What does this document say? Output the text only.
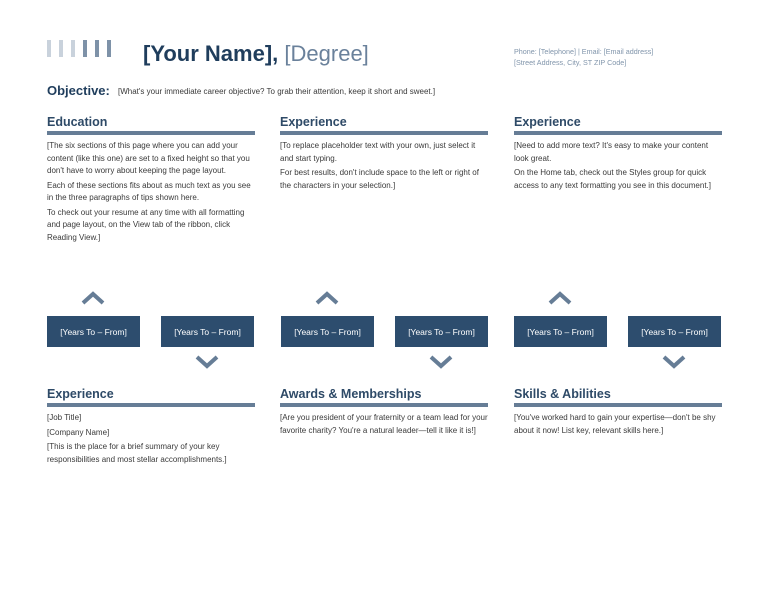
[Your Name], [Degree]	Phone: [Telephone] | Email: [Email address]
[Street Address, City, ST ZIP Code]
Objective: [What's your immediate career objective? To grab their attention, keep it short and sweet.]
Education

[The six sections of this page where you can add your content (like this one) are set to a fixed height so that you don't have to worry about keeping the page layout.

Each of these sections fits about as much text as you see in the three paragraphs of tips shown here.

To check out your resume at any time with all formatting and page layout, on the View tab of the ribbon, click Reading View.]

Experience

[To replace placeholder text with your own, just select it and start typing.

For best results, don't include space to the left or right of the characters in your selection.]

Experience

[Need to add more text? It's easy to make your content look great.

On the Home tab, check out the Styles group for quick access to any text formatting you see in this document.]

[Years To – From]	[Years To – From]	[Years To – From]	[Years To – From]	[Years To – From]	[Years To – From]
Experience

[Job Title]

[Company Name]

[This is the place for a brief summary of your key responsibilities and most stellar accomplishments.]

Awards & Memberships

[Are you president of your fraternity or a team lead for your favorite charity? You're a natural leader—tell it like it is!]

Skills & Abilities

[You've worked hard to gain your expertise—don't be shy about it now! List key, relevant skills here.]
